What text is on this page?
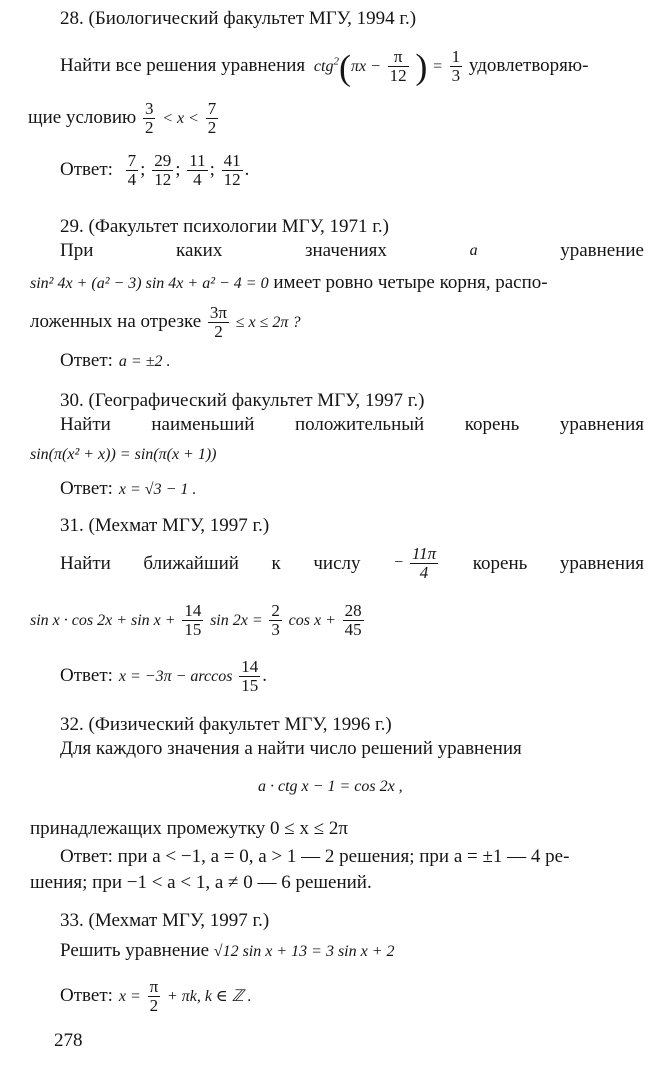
28. (Биологический факультет МГУ, 1994 г.)
Найти все решения уравнения $ctg^2(\pi x - \frac{\pi}{12}$ ) = $\frac{1}{3}$ удовлетворяю-
щие условию $\frac{3}{2} < x < \frac{7}{2}$
Ответ: $\frac{7}{4}$ ; $\frac{29}{12}$ ; $\frac{11}{4}$ ; $\frac{41}{12}$ .
29. (Факультет психологии МГУ, 1971 г.)
При	каких	значениях	a	уравнение
sin² 4x + (a² − 3) sin 4x + a² − 4 = 0 имеет ровно четыре корня, распо-
ложенных на отрезке $\frac{3\pi}{2} \le x \le 2\pi$ ?
Ответ: a = ±2 .
30. (Географический факультет МГУ, 1997 г.)
Найти наименьший положительный корень уравнения
sin(π(x² + x)) = sin(π(x + 1))
Ответ: x = √3 − 1 .
31. (Мехмат МГУ, 1997 г.)
Найти ближайший к числу − $\frac{11\pi}{4}$ корень уравнения
$\sin x \cdot \cos 2x + \sin x + \frac{14}{15}$ $\sin 2x = \frac{2}{3}$ $\cos x + \frac{28}{45}$
Ответ: $x = -3\pi - \arccos \frac{14}{15}$ .
32. (Физический факультет МГУ, 1996 г.)
Для каждого значения a найти число решений уравнения
a · ctg x − 1 = cos 2x ,
принадлежащих промежутку 0 ≤ x ≤ 2π
Ответ: при a < −1, a = 0, a > 1 — 2 решения; при a = ±1 — 4 ре-
шения; при −1 < a < 1, a ≠ 0 — 6 решений.
33. (Мехмат МГУ, 1997 г.)
Решить уравнение √12 sin x + 13 = 3 sin x + 2
Ответ: $x = \frac{\pi}{2} + \pi k$, k ∈ ℤ .
278
